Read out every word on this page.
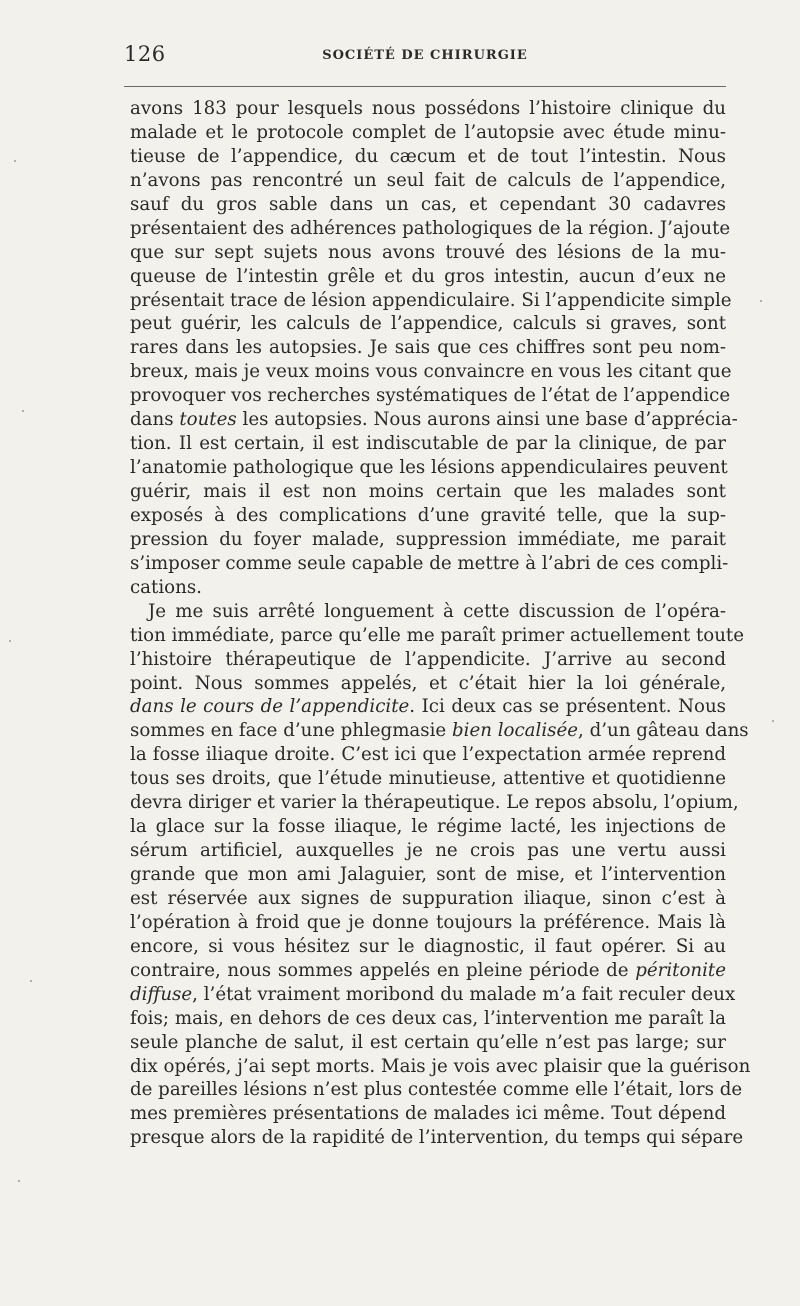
126	SOCIÉTÉ DE CHIRURGIE
avons 183 pour lesquels nous possédons l’histoire clinique du
malade et le protocole complet de l’autopsie avec étude minu-
tieuse de l’appendice, du cæcum et de tout l’intestin. Nous
n’avons pas rencontré un seul fait de calculs de l’appendice,
sauf du gros sable dans un cas, et cependant 30 cadavres
présentaient des adhérences pathologiques de la région. J’ajoute
que sur sept sujets nous avons trouvé des lésions de la mu-
queuse de l’intestin grêle et du gros intestin, aucun d’eux ne
présentait trace de lésion appendiculaire. Si l’appendicite simple
peut guérir, les calculs de l’appendice, calculs si graves, sont
rares dans les autopsies. Je sais que ces chiffres sont peu nom-
breux, mais je veux moins vous convaincre en vous les citant que
provoquer vos recherches systématiques de l’état de l’appendice
dans toutes les autopsies. Nous aurons ainsi une base d’apprécia-
tion. Il est certain, il est indiscutable de par la clinique, de par
l’anatomie pathologique que les lésions appendiculaires peuvent
guérir, mais il est non moins certain que les malades sont
exposés à des complications d’une gravité telle, que la sup-
pression du foyer malade, suppression immédiate, me parait
s’imposer comme seule capable de mettre à l’abri de ces compli-
cations.
Je me suis arrêté longuement à cette discussion de l’opéra-
tion immédiate, parce qu’elle me paraît primer actuellement toute
l’histoire thérapeutique de l’appendicite. J’arrive au second
point. Nous sommes appelés, et c’était hier la loi générale,
dans le cours de l’appendicite. Ici deux cas se présentent. Nous
sommes en face d’une phlegmasie bien localisée, d’un gâteau dans
la fosse iliaque droite. C’est ici que l’expectation armée reprend
tous ses droits, que l’étude minutieuse, attentive et quotidienne
devra diriger et varier la thérapeutique. Le repos absolu, l’opium,
la glace sur la fosse iliaque, le régime lacté, les injections de
sérum artificiel, auxquelles je ne crois pas une vertu aussi
grande que mon ami Jalaguier, sont de mise, et l’intervention
est réservée aux signes de suppuration iliaque, sinon c’est à
l’opération à froid que je donne toujours la préférence. Mais là
encore, si vous hésitez sur le diagnostic, il faut opérer. Si au
contraire, nous sommes appelés en pleine période de péritonite
diffuse, l’état vraiment moribond du malade m’a fait reculer deux
fois; mais, en dehors de ces deux cas, l’intervention me paraît la
seule planche de salut, il est certain qu’elle n’est pas large; sur
dix opérés, j’ai sept morts. Mais je vois avec plaisir que la guérison
de pareilles lésions n’est plus contestée comme elle l’était, lors de
mes premières présentations de malades ici même. Tout dépend
presque alors de la rapidité de l’intervention, du temps qui sépare
